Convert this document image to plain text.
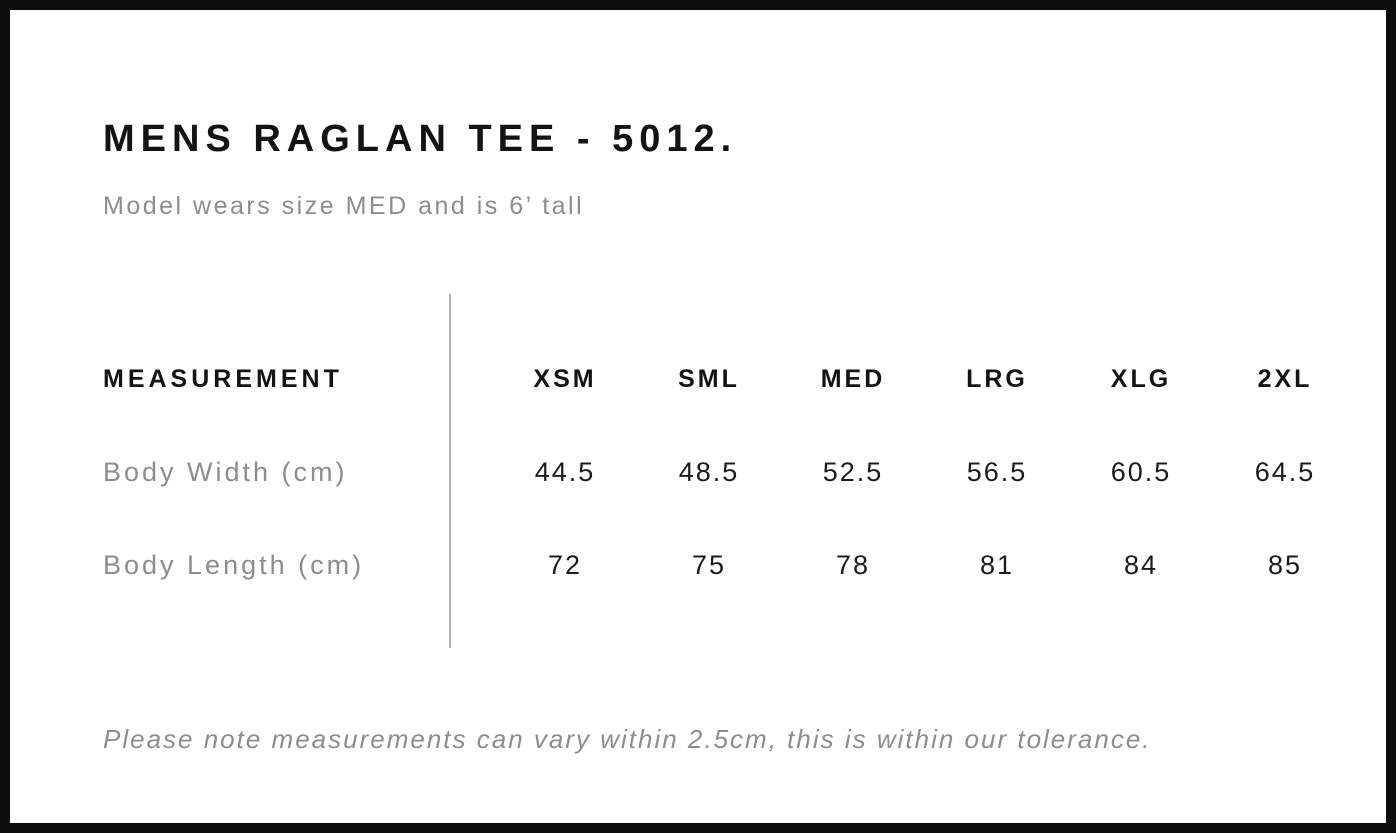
MENS RAGLAN TEE - 5012.
Model wears size MED and is 6’ tall
MEASUREMENT	XSM	SML	MED	LRG	XLG	2XL
Body Width (cm)	44.5	48.5	52.5	56.5	60.5	64.5
Body Length (cm)	72	75	78	81	84	85
Please note measurements can vary within 2.5cm, this is within our tolerance.
